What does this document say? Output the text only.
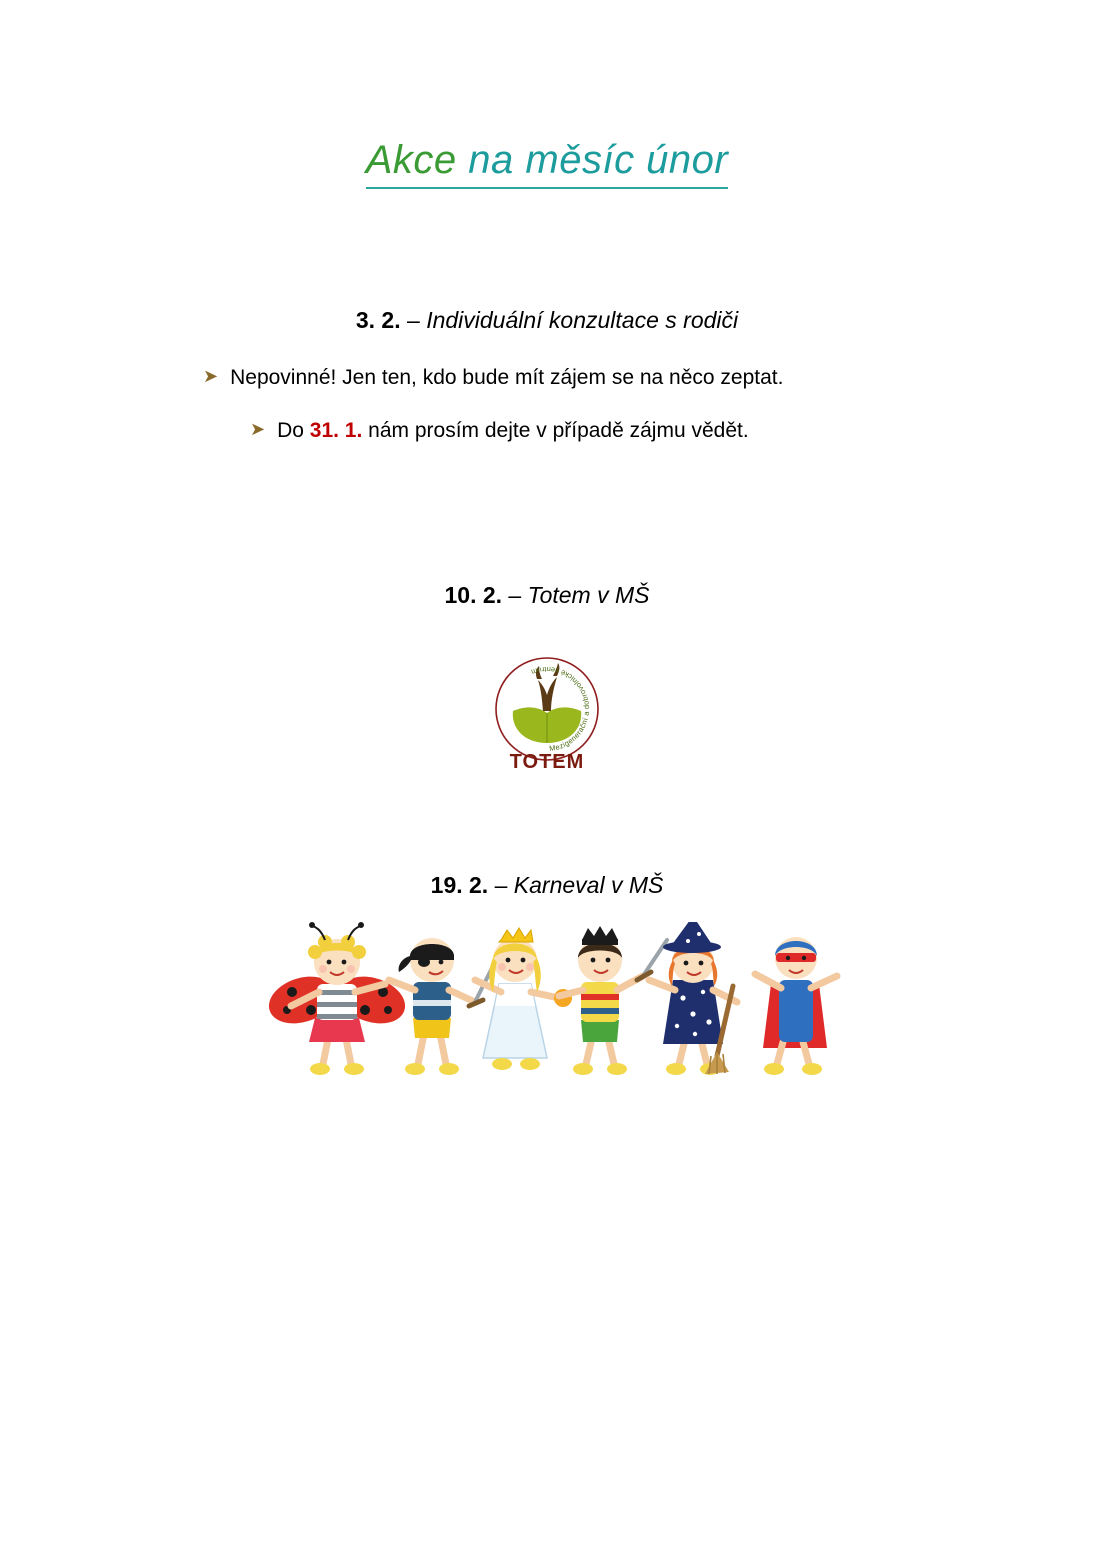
Akce na měsíc únor
3. 2. – Individuální konzultace s rodiči
➤ Nepovinné! Jen ten, kdo bude mít zájem se na něco zeptat.
➤ Do 31. 1. nám prosím dejte v případě zájmu vědět.
10. 2. – Totem v MŠ
Mezigenerační a dobrovolnické centrum
TOTEM
19. 2. – Karneval v MŠ
